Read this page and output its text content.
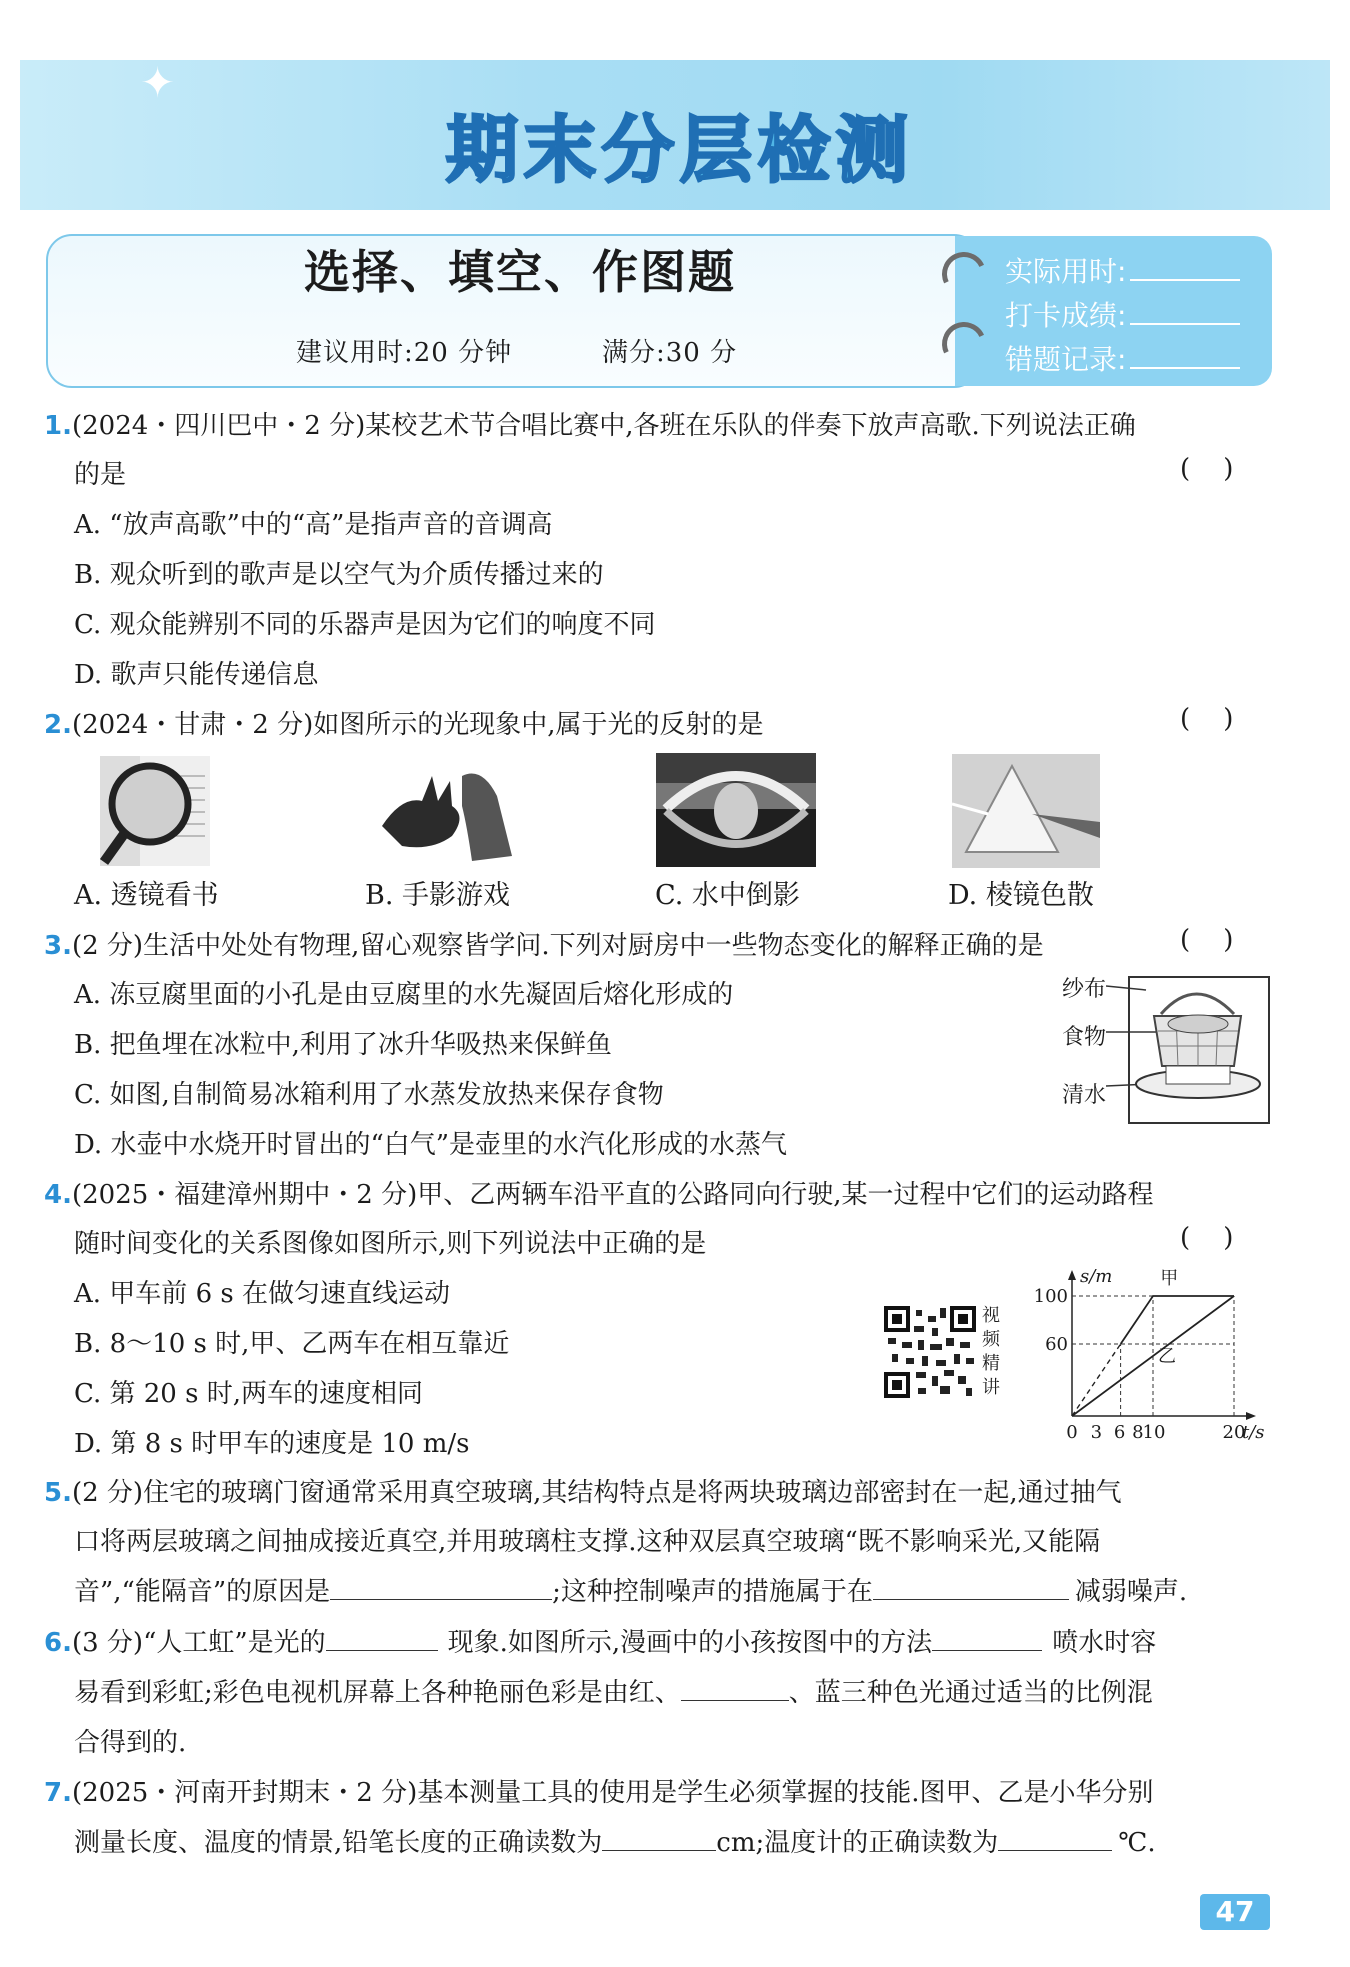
✦
期末分层检测
选择、填空、作图题
建议用时:20 分钟	满分:30 分
实际用时:
打卡成绩:
错题记录:
1.(2024・四川巴中・2 分)某校艺术节合唱比赛中,各班在乐队的伴奏下放声高歌.下列说法正确
的是	(    )
A. “放声高歌”中的“高”是指声音的音调高
B. 观众听到的歌声是以空气为介质传播过来的
C. 观众能辨别不同的乐器声是因为它们的响度不同
D. 歌声只能传递信息
2.(2024・甘肃・2 分)如图所示的光现象中,属于光的反射的是	(    )
A. 透镜看书	B. 手影游戏	C. 水中倒影	D. 棱镜色散
3.(2 分)生活中处处有物理,留心观察皆学问.下列对厨房中一些物态变化的解释正确的是	(    )
A. 冻豆腐里面的小孔是由豆腐里的水先凝固后熔化形成的
B. 把鱼埋在冰粒中,利用了冰升华吸热来保鲜鱼
C. 如图,自制简易冰箱利用了水蒸发放热来保存食物
D. 水壶中水烧开时冒出的“白气”是壶里的水汽化形成的水蒸气
纱布
食物
清水
4.(2025・福建漳州期中・2 分)甲、乙两辆车沿平直的公路同向行驶,某一过程中它们的运动路程
随时间变化的关系图像如图所示,则下列说法中正确的是	(    )
A. 甲车前 6 s 在做匀速直线运动
B. 8～10 s 时,甲、乙两车在相互靠近
C. 第 20 s 时,两车的速度相同
D. 第 8 s 时甲车的速度是 10 m/s
视
频
精
讲
s/m
t/s
0 3 6 8 10	20
60
100
甲
乙
5.(2 分)住宅的玻璃门窗通常采用真空玻璃,其结构特点是将两块玻璃边部密封在一起,通过抽气
口将两层玻璃之间抽成接近真空,并用玻璃柱支撑.这种双层真空玻璃“既不影响采光,又能隔
音”,“能隔音”的原因是	;这种控制噪声的措施属于在	减弱噪声.
6.(3 分)“人工虹”是光的	现象.如图所示,漫画中的小孩按图中的方法	喷水时容
易看到彩虹;彩色电视机屏幕上各种艳丽色彩是由红、	、蓝三种色光通过适当的比例混
合得到的.
7.(2025・河南开封期末・2 分)基本测量工具的使用是学生必须掌握的技能.图甲、乙是小华分别
测量长度、温度的情景,铅笔长度的正确读数为	cm;温度计的正确读数为	℃.
47
